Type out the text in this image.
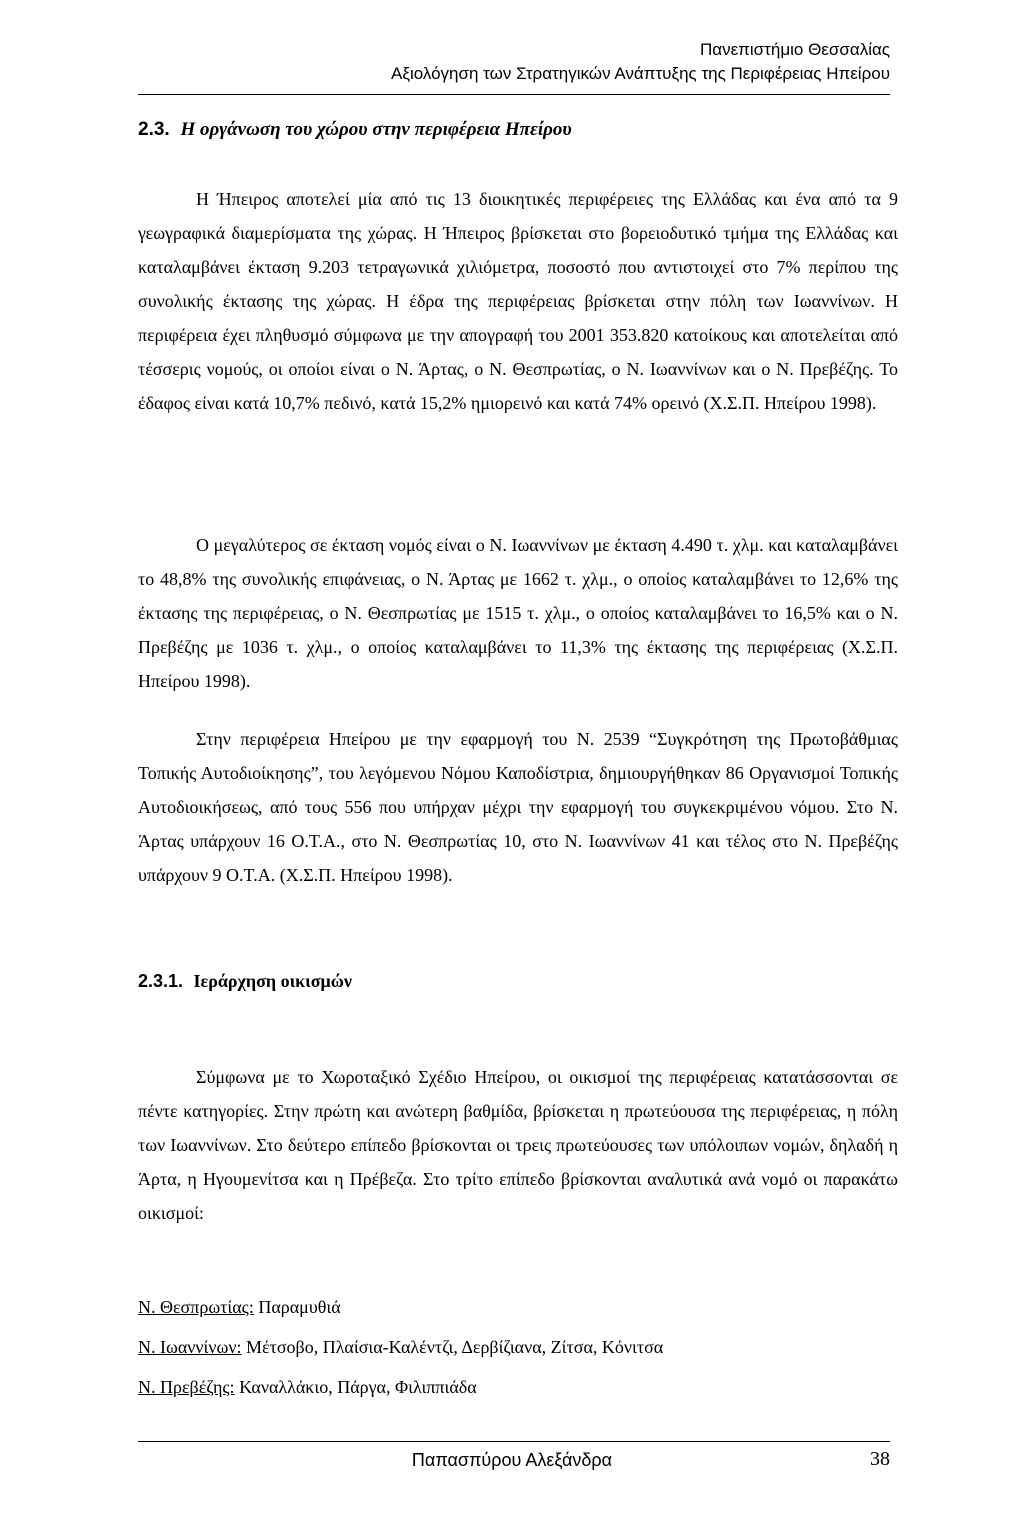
Πανεπιστήμιο Θεσσαλίας
Αξιολόγηση των Στρατηγικών Ανάπτυξης της Περιφέρειας Ηπείρου
2.3. Η οργάνωση του χώρου στην περιφέρεια Ηπείρου

Η Ήπειρος αποτελεί μία από τις 13 διοικητικές περιφέρειες της Ελλάδας και ένα από τα 9 γεωγραφικά διαμερίσματα της χώρας. Η Ήπειρος βρίσκεται στο βορειοδυτικό τμήμα της Ελλάδας και καταλαμβάνει έκταση 9.203 τετραγωνικά χιλιόμετρα, ποσοστό που αντιστοιχεί στο 7% περίπου της συνολικής έκτασης της χώρας. Η έδρα της περιφέρειας βρίσκεται στην πόλη των Ιωαννίνων. Η περιφέρεια έχει πληθυσμό σύμφωνα με την απογραφή του 2001 353.820 κατοίκους και αποτελείται από τέσσερις νομούς, οι οποίοι είναι ο Ν. Άρτας, ο Ν. Θεσπρωτίας, ο Ν. Ιωαννίνων και ο Ν. Πρεβέζης. Το έδαφος είναι κατά 10,7% πεδινό, κατά 15,2% ημιορεινό και κατά 74% ορεινό (Χ.Σ.Π. Ηπείρου 1998).

Ο μεγαλύτερος σε έκταση νομός είναι ο Ν. Ιωαννίνων με έκταση 4.490 τ. χλμ. και καταλαμβάνει το 48,8% της συνολικής επιφάνειας, ο Ν. Άρτας με 1662 τ. χλμ., ο οποίος καταλαμβάνει το 12,6% της έκτασης της περιφέρειας, ο Ν. Θεσπρωτίας με 1515 τ. χλμ., ο οποίος καταλαμβάνει το 16,5% και ο Ν. Πρεβέζης με 1036 τ. χλμ., ο οποίος καταλαμβάνει το 11,3% της έκτασης της περιφέρειας (Χ.Σ.Π. Ηπείρου 1998).

Στην περιφέρεια Ηπείρου με την εφαρμογή του Ν. 2539 “Συγκρότηση της Πρωτοβάθμιας Τοπικής Αυτοδιοίκησης”, του λεγόμενου Νόμου Καποδίστρια, δημιουργήθηκαν 86 Οργανισμοί Τοπικής Αυτοδιοικήσεως, από τους 556 που υπήρχαν μέχρι την εφαρμογή του συγκεκριμένου νόμου. Στο Ν. Άρτας υπάρχουν 16 Ο.Τ.Α., στο Ν. Θεσπρωτίας 10, στο Ν. Ιωαννίνων 41 και τέλος στο Ν. Πρεβέζης υπάρχουν 9 Ο.Τ.Α. (Χ.Σ.Π. Ηπείρου 1998).

2.3.1. Ιεράρχηση οικισμών

Σύμφωνα με το Χωροταξικό Σχέδιο Ηπείρου, οι οικισμοί της περιφέρειας κατατάσσονται σε πέντε κατηγορίες. Στην πρώτη και ανώτερη βαθμίδα, βρίσκεται η πρωτεύουσα της περιφέρειας, η πόλη των Ιωαννίνων. Στο δεύτερο επίπεδο βρίσκονται οι τρεις πρωτεύουσες των υπόλοιπων νομών, δηλαδή η Άρτα, η Ηγουμενίτσα και η Πρέβεζα. Στο τρίτο επίπεδο βρίσκονται αναλυτικά ανά νομό οι παρακάτω οικισμοί:

Ν. Θεσπρωτίας: Παραμυθιά
Ν. Ιωαννίνων: Μέτσοβο, Πλαίσια-Καλέντζι, Δερβίζιανα, Ζίτσα, Κόνιτσα
Ν. Πρεβέζης: Καναλλάκιο, Πάργα, Φιλιππιάδα
Παπασπύρου Αλεξάνδρα	38
